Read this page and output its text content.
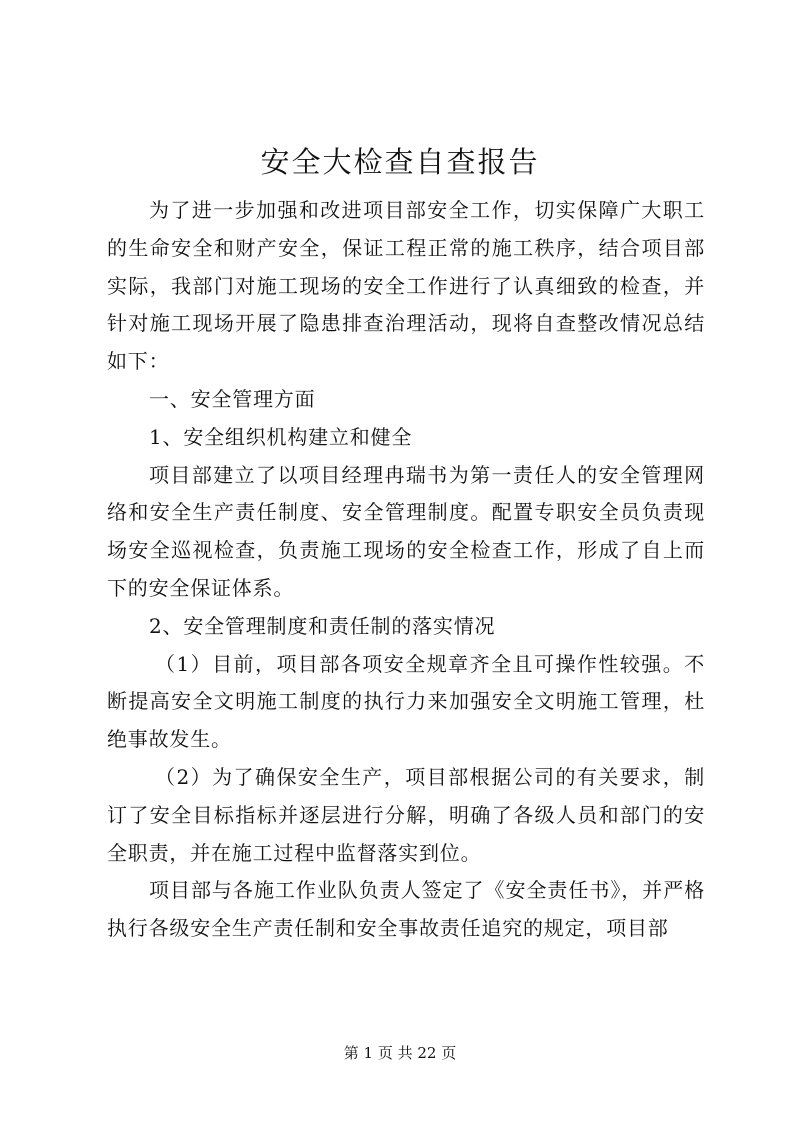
安全大检查自查报告

为了进一步加强和改进项目部安全工作，切实保障广大职工的生命安全和财产安全，保证工程正常的施工秩序，结合项目部实际，我部门对施工现场的安全工作进行了认真细致的检查，并针对施工现场开展了隐患排查治理活动，现将自查整改情况总结如下：

一、安全管理方面

1、安全组织机构建立和健全

项目部建立了以项目经理冉瑞书为第一责任人的安全管理网络和安全生产责任制度、安全管理制度。配置专职安全员负责现场安全巡视检查，负责施工现场的安全检查工作，形成了自上而下的安全保证体系。

2、安全管理制度和责任制的落实情况

（1）目前，项目部各项安全规章齐全且可操作性较强。不断提高安全文明施工制度的执行力来加强安全文明施工管理，杜绝事故发生。

（2）为了确保安全生产，项目部根据公司的有关要求，制订了安全目标指标并逐层进行分解，明确了各级人员和部门的安全职责，并在施工过程中监督落实到位。

项目部与各施工作业队负责人签定了《安全责任书》，并严格执行各级安全生产责任制和安全事故责任追究的规定，项目部

第 1 页 共 22 页
